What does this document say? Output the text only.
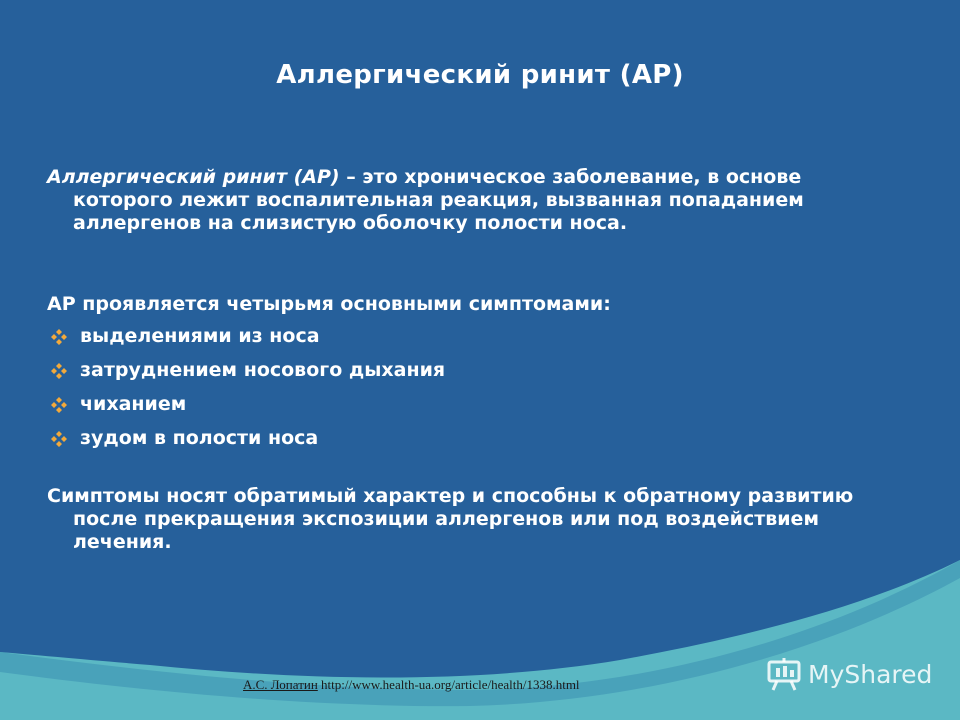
Аллергический ринит (АР)

Аллергический ринит (АР) – это хроническое заболевание, в основе которого лежит воспалительная реакция, вызванная попаданием аллергенов на слизистую оболочку полости носа.

АР проявляется четырьмя основными симптомами:

выделениями из носа
затруднением носового дыхания
чиханием
зудом в полости носа

Симптомы носят обратимый характер и способны к обратному развитию после прекращения экспозиции аллергенов или под воздействием лечения.

А.С. Лопатин http://www.health-ua.org/article/health/1338.html	MyShared
